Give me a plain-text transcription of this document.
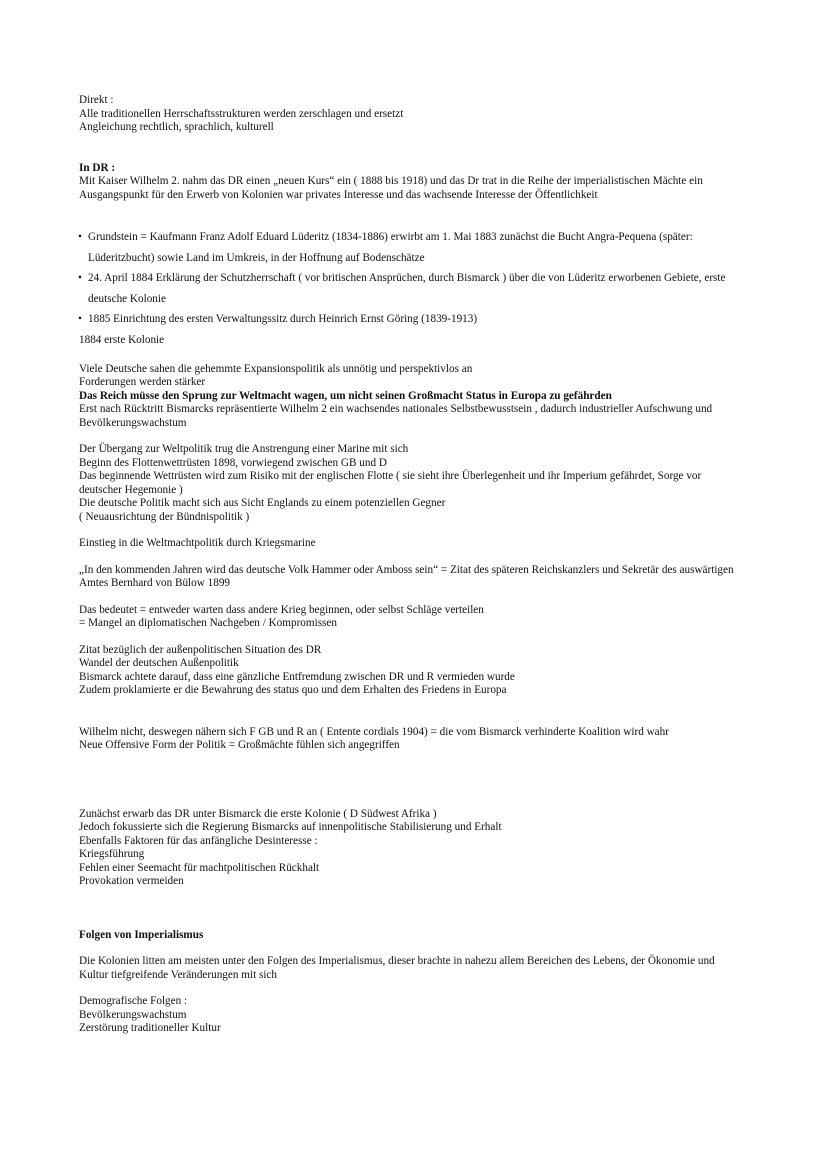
Direkt :
Alle traditionellen Herrschaftsstrukturen werden zerschlagen und ersetzt
Angleichung rechtlich, sprachlich, kulturell
In DR :
Mit Kaiser Wilhelm 2. nahm das DR einen „neuen Kurs“ ein ( 1888 bis 1918) und das Dr trat in die Reihe der imperialistischen Mächte ein
Ausgangspunkt für den Erwerb von Kolonien war privates Interesse und das wachsende Interesse der Öffentlichkeit
• Grundstein = Kaufmann Franz Adolf Eduard Lüderitz (1834-1886) erwirbt am 1. Mai 1883 zunächst die Bucht Angra-Pequena (später: Lüderitzbucht) sowie Land im Umkreis, in der Hoffnung auf Bodenschätze
• 24. April 1884 Erklärung der Schutzherrschaft ( vor britischen Ansprüchen, durch Bismarck ) über die von Lüderitz erworbenen Gebiete, erste deutsche Kolonie
• 1885 Einrichtung des ersten Verwaltungssitz durch Heinrich Ernst Göring (1839-1913)
1884 erste Kolonie
Viele Deutsche sahen die gehemmte Expansionspolitik als unnötig und perspektivlos an
Forderungen werden stärker
Das Reich müsse den Sprung zur Weltmacht wagen, um nicht seinen Großmacht Status in Europa zu gefährden
Erst nach Rücktritt Bismarcks repräsentierte Wilhelm 2 ein wachsendes nationales Selbstbewusstsein , dadurch industrieller Aufschwung und Bevölkerungswachstum
Der Übergang zur Weltpolitik trug die Anstrengung einer Marine mit sich
Beginn des Flottenwettrüsten 1898, vorwiegend zwischen GB und D
Das beginnende Wettrüsten wird zum Risiko mit der englischen Flotte ( sie sieht ihre Überlegenheit und ihr Imperium gefährdet, Sorge vor deutscher Hegemonie )
Die deutsche Politik macht sich aus Sicht Englands zu einem potenziellen Gegner
( Neuausrichtung der Bündnispolitik )
Einstieg in die Weltmachtpolitik durch Kriegsmarine
„In den kommenden Jahren wird das deutsche Volk Hammer oder Amboss sein“ = Zitat des späteren Reichskanzlers und Sekretär des auswärtigen Amtes Bernhard von Bülow 1899
Das bedeutet = entweder warten dass andere Krieg beginnen, oder selbst Schläge verteilen
= Mangel an diplomatischen Nachgeben / Kompromissen
Zitat bezüglich der außenpolitischen Situation des DR
Wandel der deutschen Außenpolitik
Bismarck achtete darauf, dass eine gänzliche Entfremdung zwischen DR und R vermieden wurde
Zudem proklamierte er die Bewahrung des status quo und dem Erhalten des Friedens in Europa
Wilhelm nicht, deswegen nähern sich F GB und R an ( Entente cordials 1904) = die vom Bismarck verhinderte Koalition wird wahr
Neue Offensive Form der Politik = Großmächte fühlen sich angegriffen
Zunächst erwarb das DR unter Bismarck die erste Kolonie ( D Südwest Afrika )
Jedoch fokussierte sich die Regierung Bismarcks auf innenpolitische Stabilisierung und Erhalt
Ebenfalls Faktoren für das anfängliche Desinteresse :
Kriegsführung
Fehlen einer Seemacht für machtpolitischen Rückhalt
Provokation vermeiden
Folgen von Imperialismus
Die Kolonien litten am meisten unter den Folgen des Imperialismus, dieser brachte in nahezu allem Bereichen des Lebens, der Ökonomie und Kultur tiefgreifende Veränderungen mit sich
Demografische Folgen :
Bevölkerungswachstum
Zerstörung traditioneller Kultur
